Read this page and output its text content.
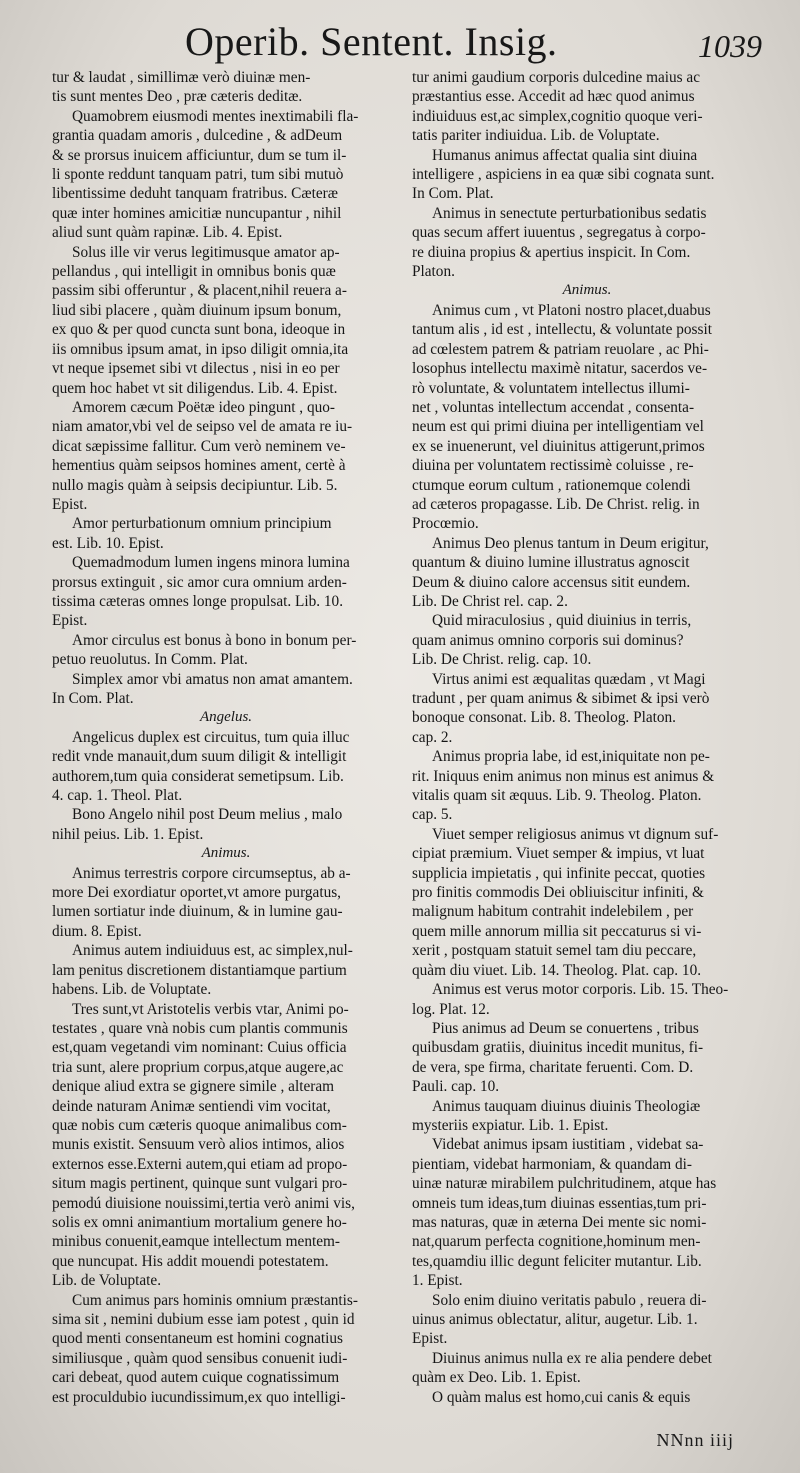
Operib. Sentent. Insig.	1039
tur & laudat , simillimæ verò diuinæ men-
tis sunt mentes Deo , præ cæteris deditæ.
Quamobrem eiusmodi mentes inextimabili fla-
grantia quadam amoris , dulcedine , & adDeum
& se prorsus inuicem afficiuntur, dum se tum il-
li sponte reddunt tanquam patri, tum sibi mutuò
libentissime deduht tanquam fratribus. Cæteræ
quæ inter homines amicitiæ nuncupantur , nihil
aliud sunt quàm rapinæ. Lib. 4. Epist.
Solus ille vir verus legitimusque amator ap-
pellandus , qui intelligit in omnibus bonis quæ
passim sibi offeruntur , & placent,nihil reuera a-
liud sibi placere , quàm diuinum ipsum bonum,
ex quo & per quod cuncta sunt bona, ideoque in
iis omnibus ipsum amat, in ipso diligit omnia,ita
vt neque ipsemet sibi vt dilectus , nisi in eo per
quem hoc habet vt sit diligendus. Lib. 4. Epist.
Amorem cæcum Poëtæ ideo pingunt , quo-
niam amator,vbi vel de seipso vel de amata re iu-
dicat sæpissime fallitur. Cum verò neminem ve-
hementius quàm seipsos homines ament, certè à
nullo magis quàm à seipsis decipiuntur. Lib. 5.
Epist.
Amor perturbationum omnium principium
est. Lib. 10. Epist.
Quemadmodum lumen ingens minora lumina
prorsus extinguit , sic amor cura omnium arden-
tissima cæteras omnes longe propulsat. Lib. 10.
Epist.
Amor circulus est bonus à bono in bonum per-
petuo reuolutus. In Comm. Plat.
Simplex amor vbi amatus non amat amantem.
In Com. Plat.
Angelus.
Angelicus duplex est circuitus, tum quia illuc
redit vnde manauit,dum suum diligit & intelligit
authorem,tum quia considerat semetipsum. Lib.
4. cap. 1. Theol. Plat.
Bono Angelo nihil post Deum melius , malo
nihil peius. Lib. 1. Epist.
Animus.
Animus terrestris corpore circumseptus, ab a-
more Dei exordiatur oportet,vt amore purgatus,
lumen sortiatur inde diuinum, & in lumine gau-
dium. 8. Epist.
Animus autem indiuiduus est, ac simplex,nul-
lam penitus discretionem distantiamque partium
habens. Lib. de Voluptate.
Tres sunt,vt Aristotelis verbis vtar, Animi po-
testates , quare vnà nobis cum plantis communis
est,quam vegetandi vim nominant: Cuius officia
tria sunt, alere proprium corpus,atque augere,ac
denique aliud extra se gignere simile , alteram
deinde naturam Animæ sentiendi vim vocitat,
quæ nobis cum cæteris quoque animalibus com-
munis existit. Sensuum verò alios intimos, alios
externos esse.Externi autem,qui etiam ad propo-
situm magis pertinent, quinque sunt vulgari pro-
pemodú diuisione nouissimi,tertia verò animi vis,
solis ex omni animantium mortalium genere ho-
minibus conuenit,eamque intellectum mentem-
que nuncupat. His addit mouendi potestatem.
Lib. de Voluptate.
Cum animus pars hominis omnium præstantis-
sima sit , nemini dubium esse iam potest , quin id
quod menti consentaneum est homini cognatius
similiusque , quàm quod sensibus conuenit iudi-
cari debeat, quod autem cuique cognatissimum
est proculdubio iucundissimum,ex quo intelligi-
tur animi gaudium corporis dulcedine maius ac
præstantius esse. Accedit ad hæc quod animus
indiuiduus est,ac simplex,cognitio quoque veri-
tatis pariter indiuidua. Lib. de Voluptate.
Humanus animus affectat qualia sint diuina
intelligere , aspiciens in ea quæ sibi cognata sunt.
In Com. Plat.
Animus in senectute perturbationibus sedatis
quas secum affert iuuentus , segregatus à corpo-
re diuina propius & apertius inspicit. In Com.
Platon.
Animus.
Animus cum , vt Platoni nostro placet,duabus
tantum alis , id est , intellectu, & voluntate possit
ad cœlestem patrem & patriam reuolare , ac Phi-
losophus intellectu maximè nitatur, sacerdos ve-
rò voluntate, & voluntatem intellectus illumi-
net , voluntas intellectum accendat , consenta-
neum est qui primi diuina per intelligentiam vel
ex se inuenerunt, vel diuinitus attigerunt,primos
diuina per voluntatem rectissimè coluisse , re-
ctumque eorum cultum , rationemque colendi
ad cæteros propagasse. Lib. De Christ. relig. in
Procœmio.
Animus Deo plenus tantum in Deum erigitur,
quantum & diuino lumine illustratus agnoscit
Deum & diuino calore accensus sitit eundem.
Lib. De Christ rel. cap. 2.
Quid miraculosius , quid diuinius in terris,
quam animus omnino corporis sui dominus?
Lib. De Christ. relig. cap. 10.
Virtus animi est æqualitas quædam , vt Magi
tradunt , per quam animus & sibimet & ipsi verò
bonoque consonat. Lib. 8. Theolog. Platon.
cap. 2.
Animus propria labe, id est,iniquitate non pe-
rit. Iniquus enim animus non minus est animus &
vitalis quam sit æquus. Lib. 9. Theolog. Platon.
cap. 5.
Viuet semper religiosus animus vt dignum suf-
cipiat præmium. Viuet semper & impius, vt luat
supplicia impietatis , qui infinite peccat, quoties
pro finitis commodis Dei obliuiscitur infiniti, &
malignum habitum contrahit indelebilem , per
quem mille annorum millia sit peccaturus si vi-
xerit , postquam statuit semel tam diu peccare,
quàm diu viuet. Lib. 14. Theolog. Plat. cap. 10.
Animus est verus motor corporis. Lib. 15. Theo-
log. Plat. 12.
Pius animus ad Deum se conuertens , tribus
quibusdam gratiis, diuinitus incedit munitus, fi-
de vera, spe firma, charitate feruenti. Com. D.
Pauli. cap. 10.
Animus tauquam diuinus diuinis Theologiæ
mysteriis expiatur. Lib. 1. Epist.
Videbat animus ipsam iustitiam , videbat sa-
pientiam, videbat harmoniam, & quandam di-
uinæ naturæ mirabilem pulchritudinem, atque has
omneis tum ideas,tum diuinas essentias,tum pri-
mas naturas, quæ in æterna Dei mente sic nomi-
nat,quarum perfecta cognitione,hominum men-
tes,quamdiu illic degunt feliciter mutantur. Lib.
1. Epist.
Solo enim diuino veritatis pabulo , reuera di-
uinus animus oblectatur, alitur, augetur. Lib. 1.
Epist.
Diuinus animus nulla ex re alia pendere debet
quàm ex Deo. Lib. 1. Epist.
O quàm malus est homo,cui canis & equis
NNnn iiij
